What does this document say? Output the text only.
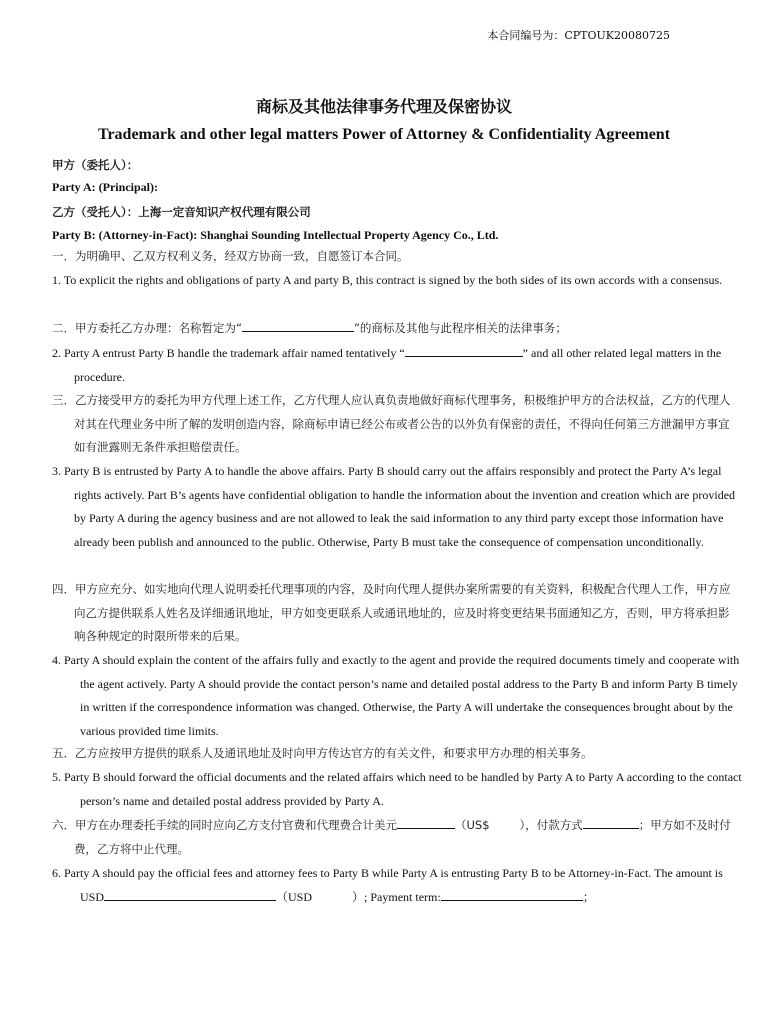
本合同编号为：CPTOUK20080725
商标及其他法律事务代理及保密协议
Trademark and other legal matters Power of Attorney & Confidentiality Agreement
甲方（委托人）：
Party A: (Principal):
乙方（受托人）：上海一定音知识产权代理有限公司
Party B: (Attorney-in-Fact): Shanghai Sounding Intellectual Property Agency Co., Ltd.
一．为明确甲、乙双方权利义务，经双方协商一致，自愿签订本合同。
1. To explicit the rights and obligations of party A and party B, this contract is signed by the both sides of its own accords with a consensus.
二．甲方委托乙方办理：名称暂定为“	”的商标及其他与此程序相关的法律事务；
2. Party A entrust Party B handle the trademark affair named tentatively “	” and all other related legal matters in the procedure.
三．乙方接受甲方的委托为甲方代理上述工作，乙方代理人应认真负责地做好商标代理事务，积极维护甲方的合法权益，乙方的代理人对其在代理业务中所了解的发明创造内容，除商标申请已经公布或者公告的以外负有保密的责任，不得向任何第三方泄漏甲方事宜如有泄露则无条件承担赔偿责任。
3. Party B is entrusted by Party A to handle the above affairs. Party B should carry out the affairs responsibly and protect the Party A’s legal rights actively. Part B’s agents have confidential obligation to handle the information about the invention and creation which are provided by Party A during the agency business and are not allowed to leak the said information to any third party except those information have already been publish and announced to the public. Otherwise, Party B must take the consequence of compensation unconditionally.
四．甲方应充分、如实地向代理人说明委托代理事项的内容，及时向代理人提供办案所需要的有关资料，积极配合代理人工作，甲方应向乙方提供联系人姓名及详细通讯地址，甲方如变更联系人或通讯地址的，应及时将变更结果书面通知乙方，否则，甲方将承担影响各种规定的时限所带来的后果。
4. Party A should explain the content of the affairs fully and exactly to the agent and provide the required documents timely and cooperate with the agent actively. Party A should provide the contact person’s name and detailed postal address to the Party B and inform Party B timely in written if the correspondence information was changed. Otherwise, the Party A will undertake the consequences brought about by the various provided time limits.
五．乙方应按甲方提供的联系人及通讯地址及时向甲方传达官方的有关文件，和要求甲方办理的相关事务。
5. Party B should forward the official documents and the related affairs which need to be handled by Party A to Party A according to the contact person’s name and detailed postal address provided by Party A.
六．甲方在办理委托手续的同时应向乙方支付官费和代理费合计美元	（US$	），付款方式	；甲方如不及时付费，乙方将中止代理。
6. Party A should pay the official fees and attorney fees to Party B while Party A is entrusting Party B to be Attorney-in-Fact. The amount is USD	（USD	）; Payment term:	；
